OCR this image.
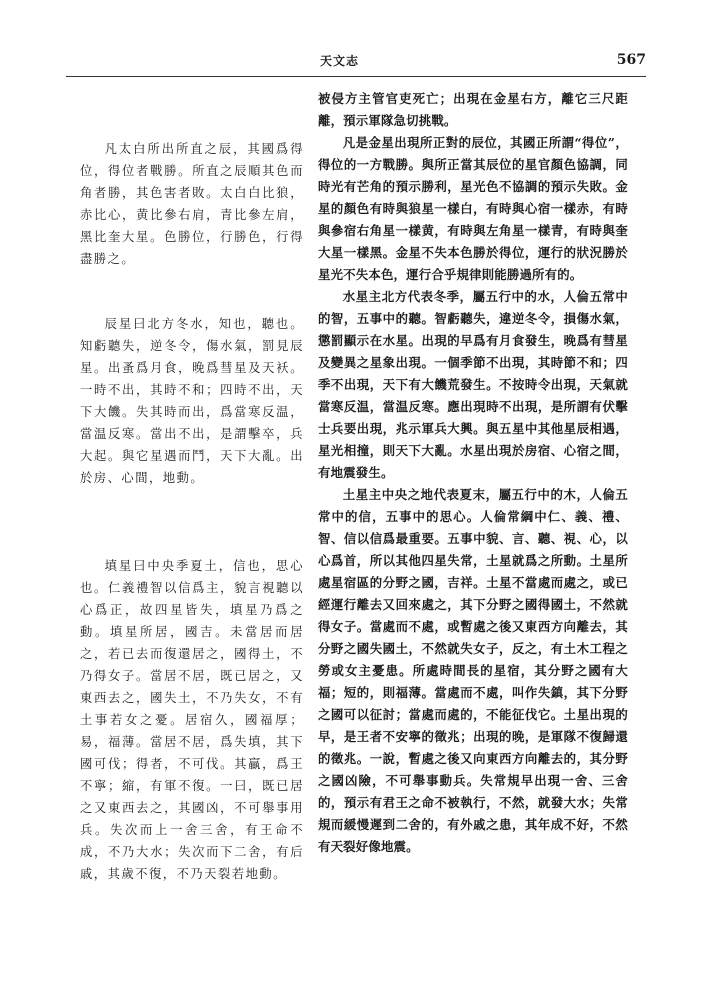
天文志	567

凡太白所出所直之辰，其國爲得位，得位者戰勝。所直之辰順其色而角者勝，其色害者敗。太白白比狼，赤比心，黄比參右肩，青比參左肩，黑比奎大星。色勝位，行勝色，行得盡勝之。

辰星曰北方冬水，知也，聽也。知虧聽失，逆冬令，傷水氣，罰見辰星。出蚤爲月食，晚爲彗星及天袄。一時不出，其時不和；四時不出，天下大饑。失其時而出，爲當寒反温，當温反寒。當出不出，是謂擊卒，兵大起。與它星遇而鬥，天下大亂。出於房、心間，地動。

填星曰中央季夏土，信也，思心也。仁義禮智以信爲主，貌言視聽以心爲正，故四星皆失，填星乃爲之動。填星所居，國吉。未當居而居之，若已去而復還居之，國得土，不乃得女子。當居不居，既已居之，又東西去之，國失土，不乃失女，不有土事若女之憂。居宿久，國福厚；易，福薄。當居不居，爲失填，其下國可伐；得者，不可伐。其贏，爲王不寧；縮，有軍不復。一曰，既已居之又東西去之，其國凶，不可舉事用兵。失次而上一舍三舍，有王命不成，不乃大水；失次而下二舍，有后戚，其歲不復，不乃天裂若地動。

被侵方主管官吏死亡；出現在金星右方，離它三尺距離，預示軍隊急切挑戰。

凡是金星出現所正對的辰位，其國正所謂“得位”，得位的一方戰勝。與所正當其辰位的星官顏色協調，同時光有芒角的預示勝利，星光色不協調的預示失敗。金星的顏色有時與狼星一樣白，有時與心宿一樣赤，有時與參宿右角星一樣黄，有時與左角星一樣青，有時與奎大星一樣黑。金星不失本色勝於得位，運行的狀況勝於星光不失本色，運行合乎規律則能勝過所有的。

水星主北方代表冬季，屬五行中的水，人倫五常中的智，五事中的聽。智虧聽失，違逆冬令，損傷水氣，懲罰顯示在水星。出現的早爲有月食發生，晚爲有彗星及變異之星象出現。一個季節不出現，其時節不和；四季不出現，天下有大饑荒發生。不按時令出現，天氣就當寒反温，當温反寒。應出現時不出現，是所謂有伏擊士兵要出現，兆示軍兵大興。與五星中其他星辰相遇，星光相撞，則天下大亂。水星出現於房宿、心宿之間，有地震發生。

土星主中央之地代表夏末，屬五行中的木，人倫五常中的信，五事中的思心。人倫常綱中仁、義、禮、智、信以信爲最重要。五事中貌、言、聽、視、心，以心爲首，所以其他四星失常，土星就爲之所動。土星所處星宿區的分野之國，吉祥。土星不當處而處之，或已經運行離去又回來處之，其下分野之國得國土，不然就得女子。當處而不處，或暫處之後又東西方向離去，其分野之國失國土，不然就失女子，反之，有土木工程之勞或女主憂患。所處時間長的星宿，其分野之國有大福；短的，則福薄。當處而不處，叫作失鎮，其下分野之國可以征討；當處而處的，不能征伐它。土星出現的早，是王者不安寧的徵兆；出現的晚，是軍隊不復歸還的徵兆。一說，暫處之後又向東西方向離去的，其分野之國凶險，不可舉事動兵。失常規早出現一舍、三舍的，預示有君王之命不被執行，不然，就發大水；失常規而緩慢遲到二舍的，有外戚之患，其年成不好，不然有天裂好像地震。
